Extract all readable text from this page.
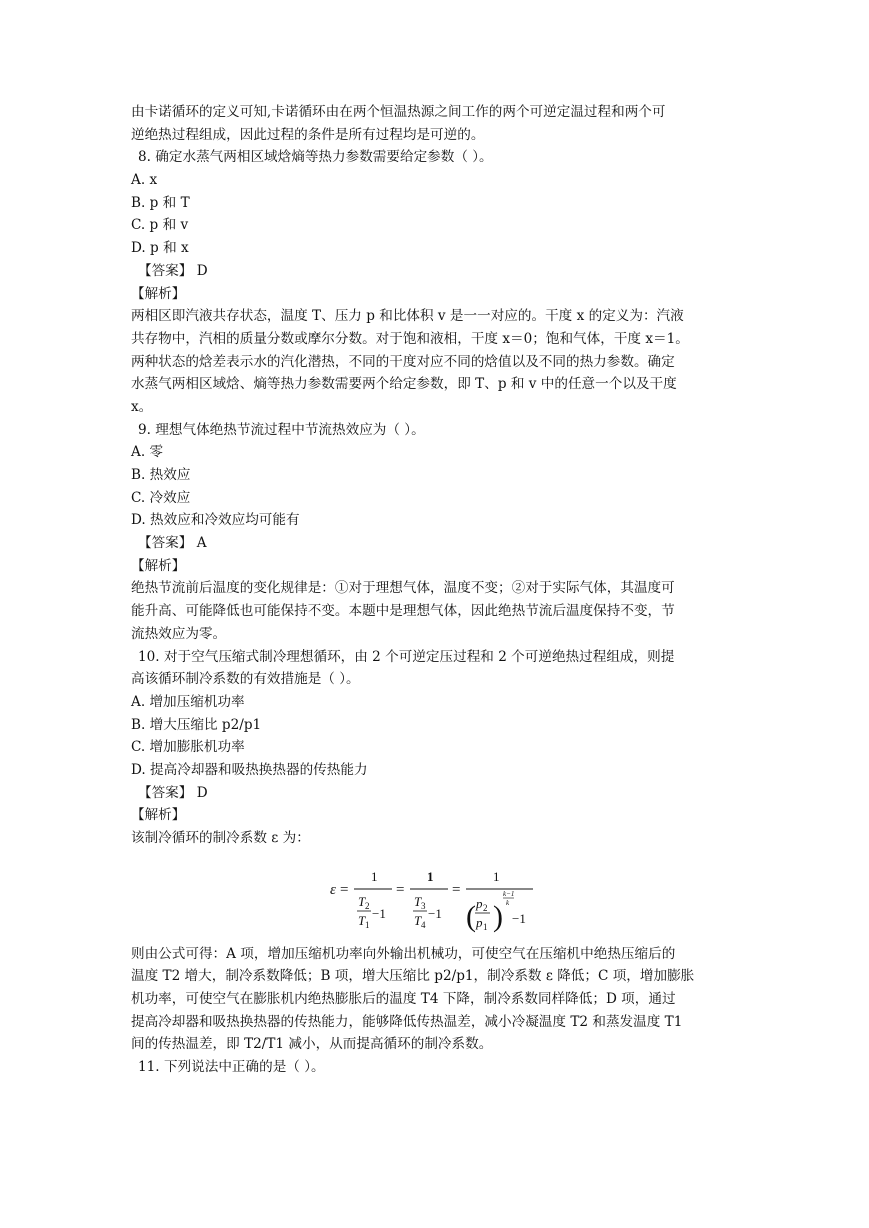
由卡诺循环的定义可知,卡诺循环由在两个恒温热源之间工作的两个可逆定温过程和两个可
逆绝热过程组成，因此过程的条件是所有过程均是可逆的。
8. 确定水蒸气两相区域焓熵等热力参数需要给定参数（ ）。
A. x
B. p 和 T
C. p 和 v
D. p 和 x
【答案】 D
【解析】
两相区即汽液共存状态，温度 T、压力 p 和比体积 v 是一一对应的。干度 x 的定义为：汽液
共存物中，汽相的质量分数或摩尔分数。对于饱和液相，干度 x＝0；饱和气体，干度 x＝1。
两种状态的焓差表示水的汽化潜热，不同的干度对应不同的焓值以及不同的热力参数。确定
水蒸气两相区域焓、熵等热力参数需要两个给定参数，即 T、p 和 v 中的任意一个以及干度
x。
9. 理想气体绝热节流过程中节流热效应为（ ）。
A. 零
B. 热效应
C. 冷效应
D. 热效应和冷效应均可能有
【答案】 A
【解析】
绝热节流前后温度的变化规律是：①对于理想气体，温度不变；②对于实际气体，其温度可
能升高、可能降低也可能保持不变。本题中是理想气体，因此绝热节流后温度保持不变，节
流热效应为零。
10. 对于空气压缩式制冷理想循环，由 2 个可逆定压过程和 2 个可逆绝热过程组成，则提
高该循环制冷系数的有效措施是（ ）。
A. 增加压缩机功率
B. 增大压缩比 p2/p1
C. 增加膨胀机功率
D. 提高冷却器和吸热换热器的传热能力
【答案】 D
【解析】
该制冷循环的制冷系数 ε 为：
ε =
1
T 2
T 1
−1
=
1
T 3
T 4
−1
=
1
( p 2
p 1 )
k−1
k
−1
则由公式可得：A 项，增加压缩机功率向外输出机械功，可使空气在压缩机中绝热压缩后的
温度 T2 增大，制冷系数降低；B 项，增大压缩比 p2/p1，制冷系数 ε 降低；C 项，增加膨胀
机功率，可使空气在膨胀机内绝热膨胀后的温度 T4 下降，制冷系数同样降低；D 项，通过
提高冷却器和吸热换热器的传热能力，能够降低传热温差，减小冷凝温度 T2 和蒸发温度 T1
间的传热温差，即 T2/T1 减小，从而提高循环的制冷系数。
11. 下列说法中正确的是（ ）。
